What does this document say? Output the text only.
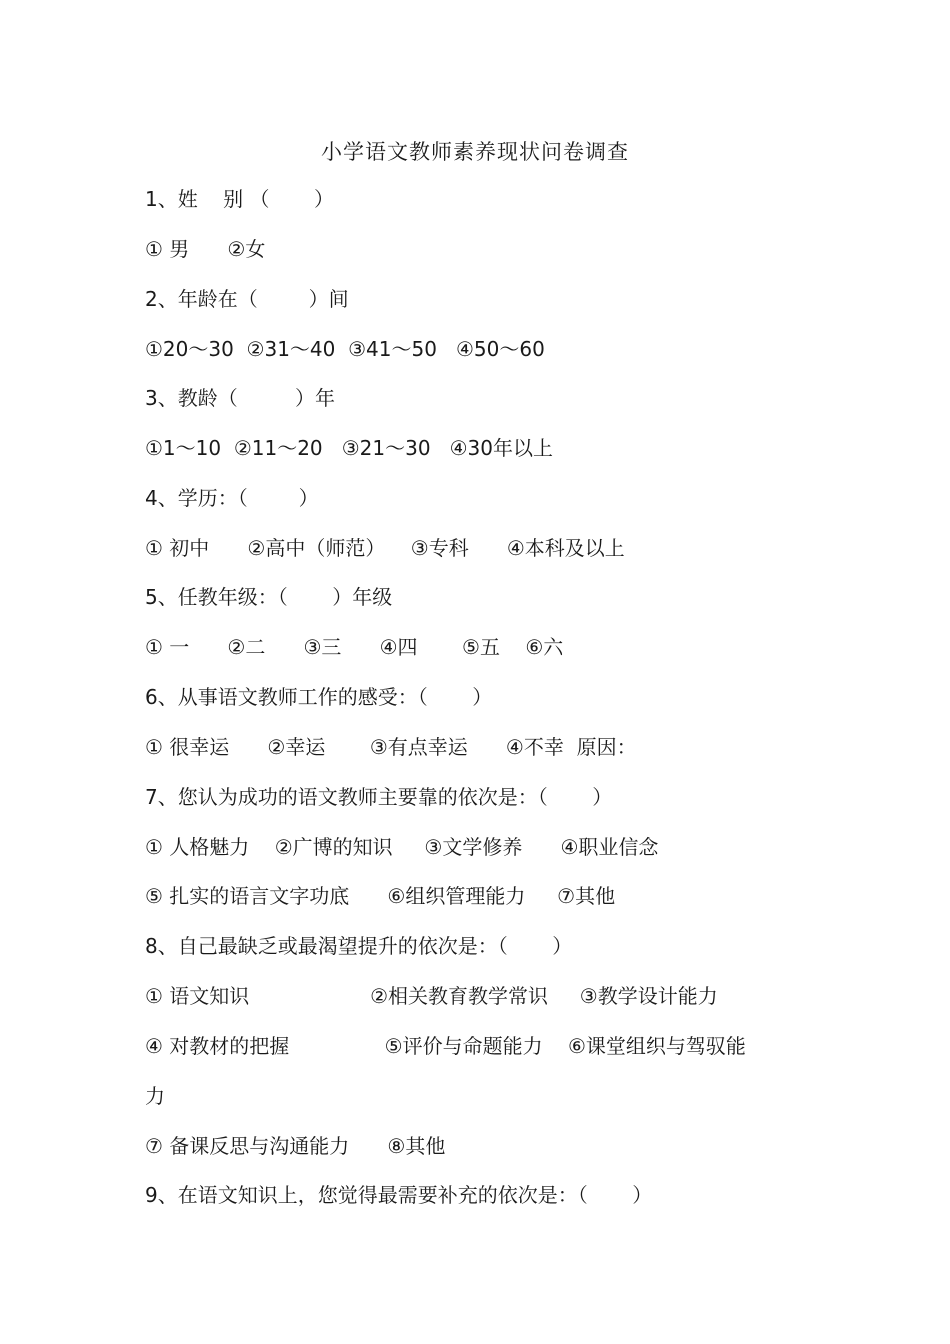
小学语文教师素养现状问卷调查
1、姓    别 （       ）
① 男      ②女
2、年龄在（        ）间
①20～30  ②31～40  ③41～50   ④50～60
3、教龄（         ）年
①1～10  ②11～20   ③21～30   ④30年以上
4、学历：（        ）
① 初中      ②高中（师范）    ③专科      ④本科及以上
5、任教年级：（       ）年级
① 一      ②二      ③三      ④四       ⑤五    ⑥六
6、从事语文教师工作的感受：（       ）
① 很幸运      ②幸运       ③有点幸运      ④不幸  原因：
7、您认为成功的语文教师主要靠的依次是：（       ）
① 人格魅力    ②广博的知识     ③文学修养      ④职业信念
⑤ 扎实的语言文字功底      ⑥组织管理能力     ⑦其他
8、自己最缺乏或最渴望提升的依次是：（       ）
① 语文知识                   ②相关教育教学常识     ③教学设计能力
④ 对教材的把握               ⑤评价与命题能力    ⑥课堂组织与驾驭能
力
⑦ 备课反思与沟通能力      ⑧其他
9、在语文知识上，您觉得最需要补充的依次是：（       ）
